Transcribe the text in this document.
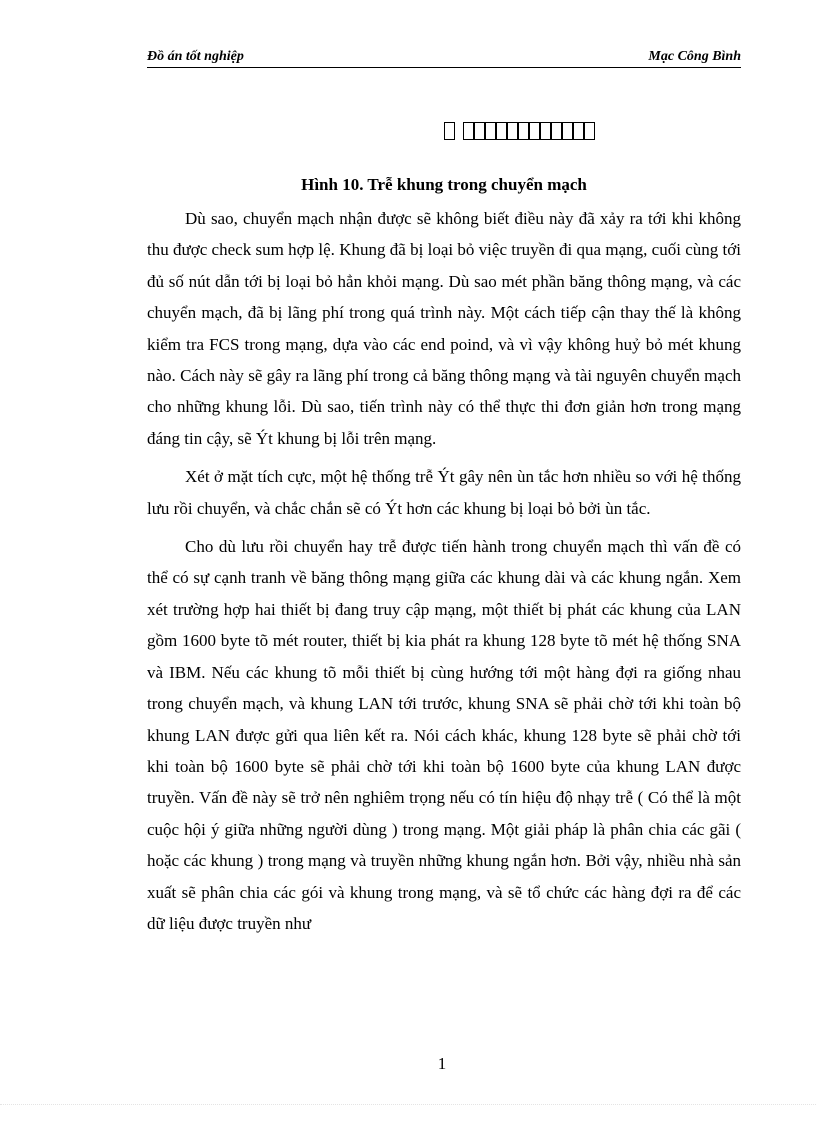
Đồ án tốt nghiệp	Mạc Công Bình
Hình 10. Trễ khung trong chuyển mạch

Dù sao, chuyển mạch nhận được sẽ không biết điều này đã xảy ra tới khi không thu được check sum hợp lệ. Khung đã bị loại bỏ việc truyền đi qua mạng, cuối cùng tới đủ số nút dẫn tới bị loại bỏ hẳn khỏi mạng. Dù sao mét phần băng thông mạng, và các chuyển mạch, đã bị lãng phí trong quá trình này. Một cách tiếp cận thay thế là không kiểm tra FCS trong mạng, dựa vào các end poind, và vì vậy không huỷ bỏ mét khung nào. Cách này sẽ gây ra lãng phí trong cả băng thông mạng và tài nguyên chuyển mạch cho những khung lỗi. Dù sao, tiến trình này có thể thực thi đơn giản hơn trong mạng đáng tin cậy, sẽ Ýt khung bị lỗi trên mạng.

Xét ở mặt tích cực, một hệ thống trễ Ýt gây nên ùn tắc hơn nhiều so với hệ thống lưu rồi chuyển, và chắc chắn sẽ có Ýt hơn các khung bị loại bỏ bởi ùn tắc.

Cho dù lưu rồi chuyển hay trễ được tiến hành trong chuyển mạch thì vấn đề có thể có sự cạnh tranh về băng thông mạng giữa các khung dài và các khung ngắn. Xem xét trường hợp hai thiết bị đang truy cập mạng, một thiết bị phát các khung của LAN gồm 1600 byte tõ mét router, thiết bị kia phát ra khung 128 byte tõ mét hệ thống SNA và IBM. Nếu các khung tõ mỗi thiết bị cùng hướng tới một hàng đợi ra giống nhau trong chuyển mạch, và khung LAN tới trước, khung SNA sẽ phải chờ tới khi toàn bộ khung LAN được gửi qua liên kết ra. Nói cách khác, khung 128 byte sẽ phải chờ tới khi toàn bộ 1600 byte sẽ phải chờ tới khi toàn bộ 1600 byte của khung LAN được truyền. Vấn đề này sẽ trở nên nghiêm trọng nếu có tín hiệu độ nhạy trễ ( Có thể là một cuộc hội ý giữa những người dùng ) trong mạng. Một giải pháp là phân chia các gãi ( hoặc các khung ) trong mạng và truyền những khung ngắn hơn. Bởi vậy, nhiều nhà sản xuất sẽ phân chia các gói và khung trong mạng, và sẽ tổ chức các hàng đợi ra để các dữ liệu được truyền như

1
